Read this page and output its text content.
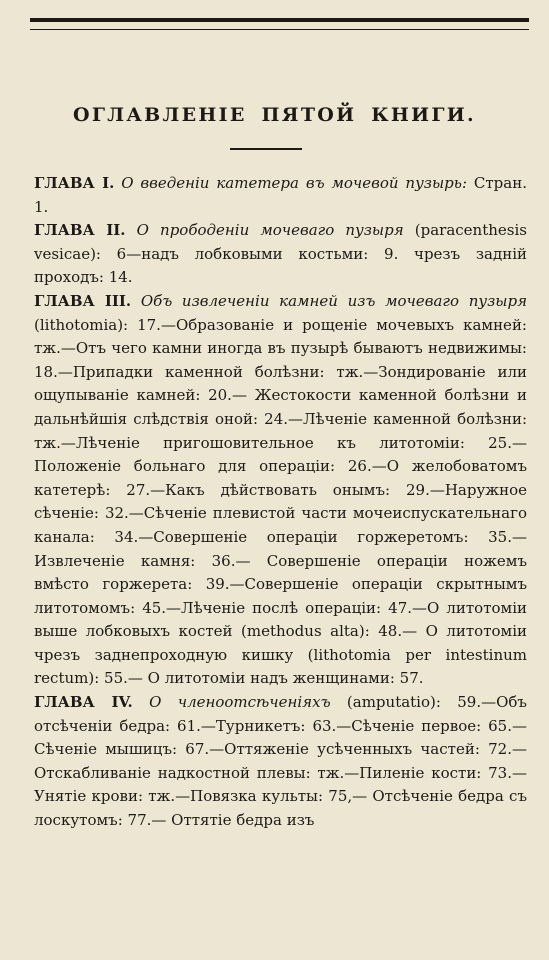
ОГЛАВЛЕНІЕ ПЯТОЙ КНИГИ.

ГЛАВА I. О введеніи катетера въ мочевой пузырь: Стран. 1.

ГЛАВА II. О прободеніи мочеваго пузыря (paracenthesis vesicae): 6—надъ лобковыми костьми: 9. чрезъ задній проходъ: 14.

ГЛАВА III. Объ извлеченіи камней изъ мочеваго пузыря (lithotomia): 17.—Образованіе и рощеніе мочевыхъ камней: тж.—Отъ чего камни иногда въ пузырѣ бываютъ недвижимы: 18.—Припадки каменной болѣзни: тж.—Зондированіе или ощупываніе камней: 20.— Жестокости каменной болѣзни и дальнѣйшія слѣдствія оной: 24.—Лѣченіе каменной болѣзни: тж.—Лѣченіе пригошовительное къ литотоміи: 25.—Положеніе больнаго для операціи: 26.—О желобоватомъ катетерѣ: 27.—Какъ дѣйствовать онымъ: 29.—Наружное сѣченіе: 32.—Сѣченіе плевистой части мочеиспускательнаго канала: 34.—Совершеніе операціи горжеретомъ: 35.—Извлеченіе камня: 36.— Совершеніе операціи ножемъ вмѣсто горжерета: 39.—Совершеніе операціи скрытнымъ литотомомъ: 45.—Лѣченіе послѣ операціи: 47.—О литотоміи выше лобковыхъ костей (methodus alta): 48.— О литотоміи чрезъ заднепроходную кишку (lithotomia per intestinum rectum): 55.— О литотоміи надъ женщинами: 57.

ГЛАВА IV. О членоотсѣченіяхъ (amputatio): 59.—Объ отсѣченіи бедра: 61.—Турникетъ: 63.—Сѣченіе первое: 65.—Сѣченіе мышицъ: 67.—Оттяженіе усѣченныхъ частей: 72.— Отскабливаніе надкостной плевы: тж.—Пиленіе кости: 73.—Унятіе крови: тж.—Повязка культы: 75,— Отсѣченіе бедра съ лоскутомъ: 77.— Оттятіе бедра изъ
